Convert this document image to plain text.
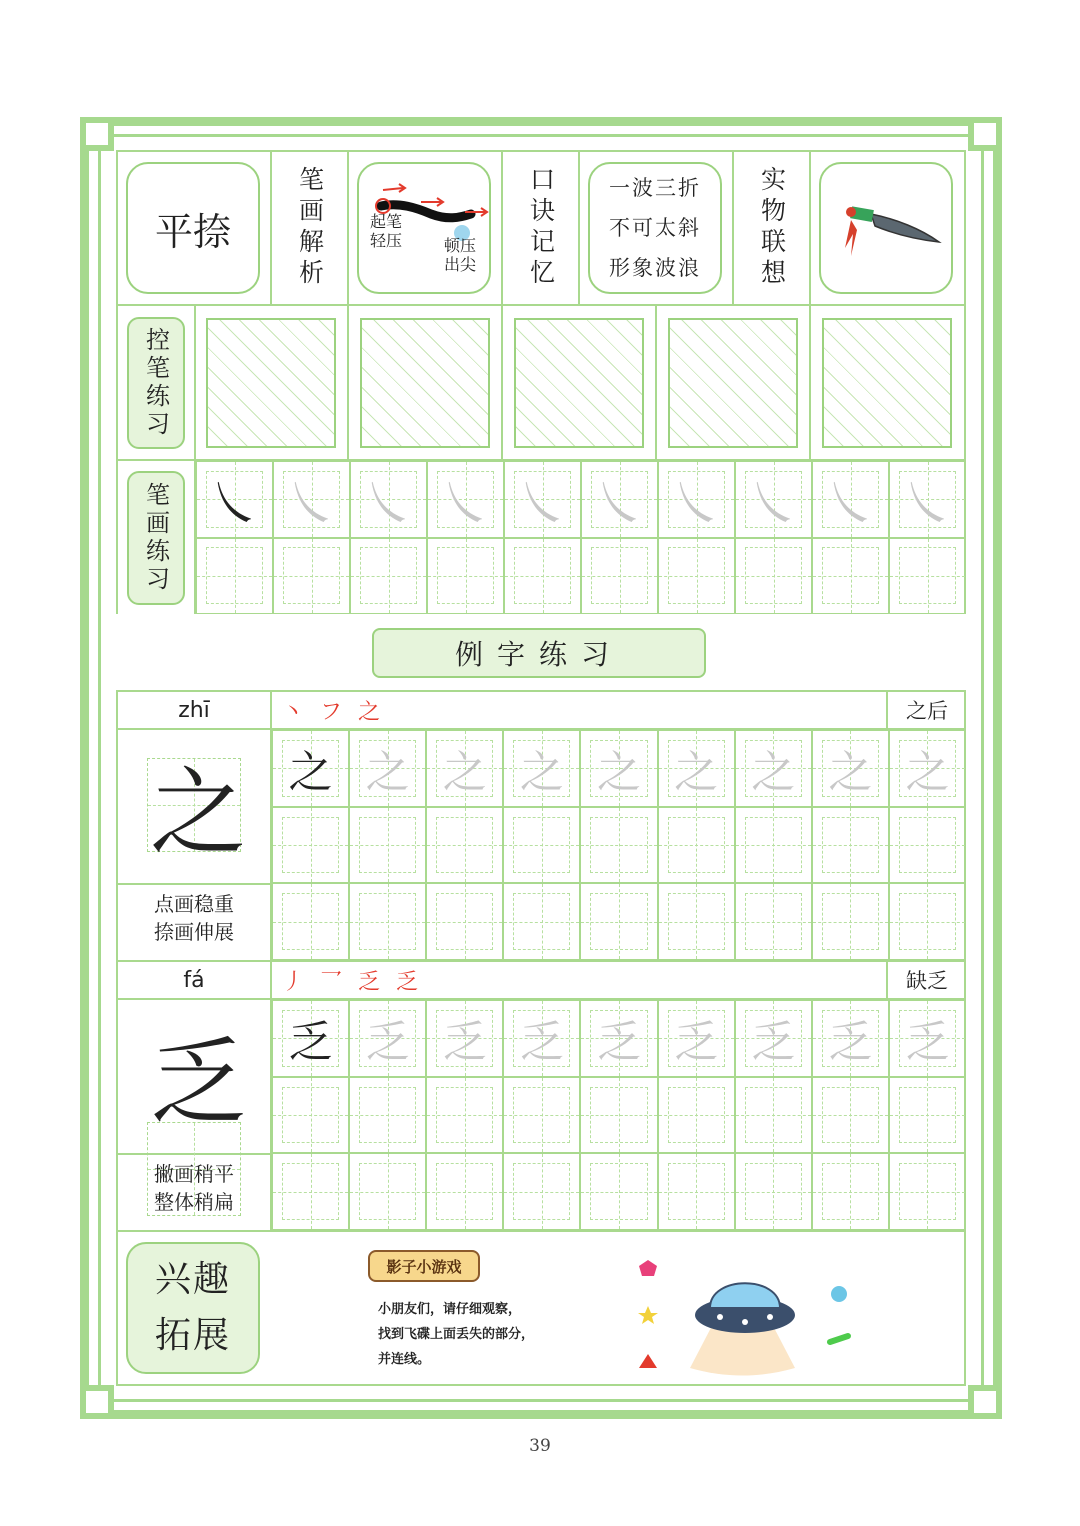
平捺	笔画解析	起笔轻压	顿压出尖	口诀记忆	一波三折
不可太斜
形象波浪	实物联想
控笔练习
笔画练习 ㇏ ㇏ ㇏ ㇏ ㇏ ㇏ ㇏ ㇏ ㇏ ㇏
例字练习
zhī	丶 フ 之	之后
之
点画稳重
捺画伸展
之 之 之 之 之 之 之 之 之
fá	丿 乛 乏 乏	缺乏
乏
撇画稍平
整体稍扁
乏 乏 乏 乏 乏 乏 乏 乏 乏
兴趣
拓展
影子小游戏
小朋友们，请仔细观察，
找到飞碟上面丢失的部分，
并连线。
39
